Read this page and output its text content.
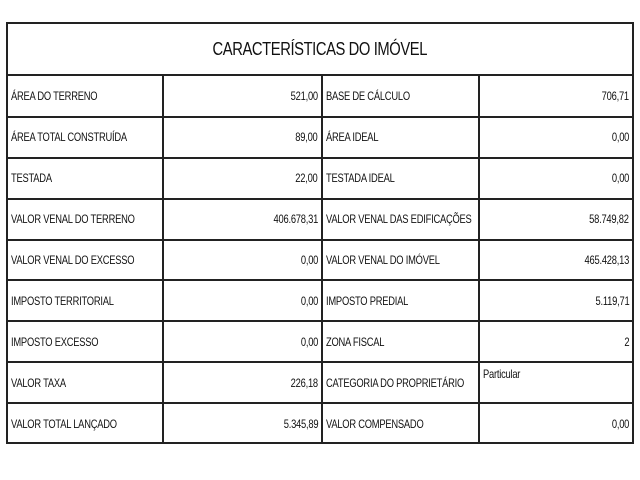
CARACTERÍSTICAS DO IMÓVEL
ÁREA DO TERRENO	521,00	BASE DE CÁLCULO	706,71
ÁREA TOTAL CONSTRUÍDA	89,00	ÁREA IDEAL	0,00
TESTADA	22,00	TESTADA IDEAL	0,00
VALOR VENAL DO TERRENO	406.678,31	VALOR VENAL DAS EDIFICAÇÕES	58.749,82
VALOR VENAL DO EXCESSO	0,00	VALOR VENAL DO IMÓVEL	465.428,13
IMPOSTO TERRITORIAL	0,00	IMPOSTO PREDIAL	5.119,71
IMPOSTO EXCESSO	0,00	ZONA FISCAL	2
VALOR TAXA	226,18	CATEGORIA DO PROPRIETÁRIO	Particular
VALOR TOTAL LANÇADO	5.345,89	VALOR COMPENSADO	0,00
